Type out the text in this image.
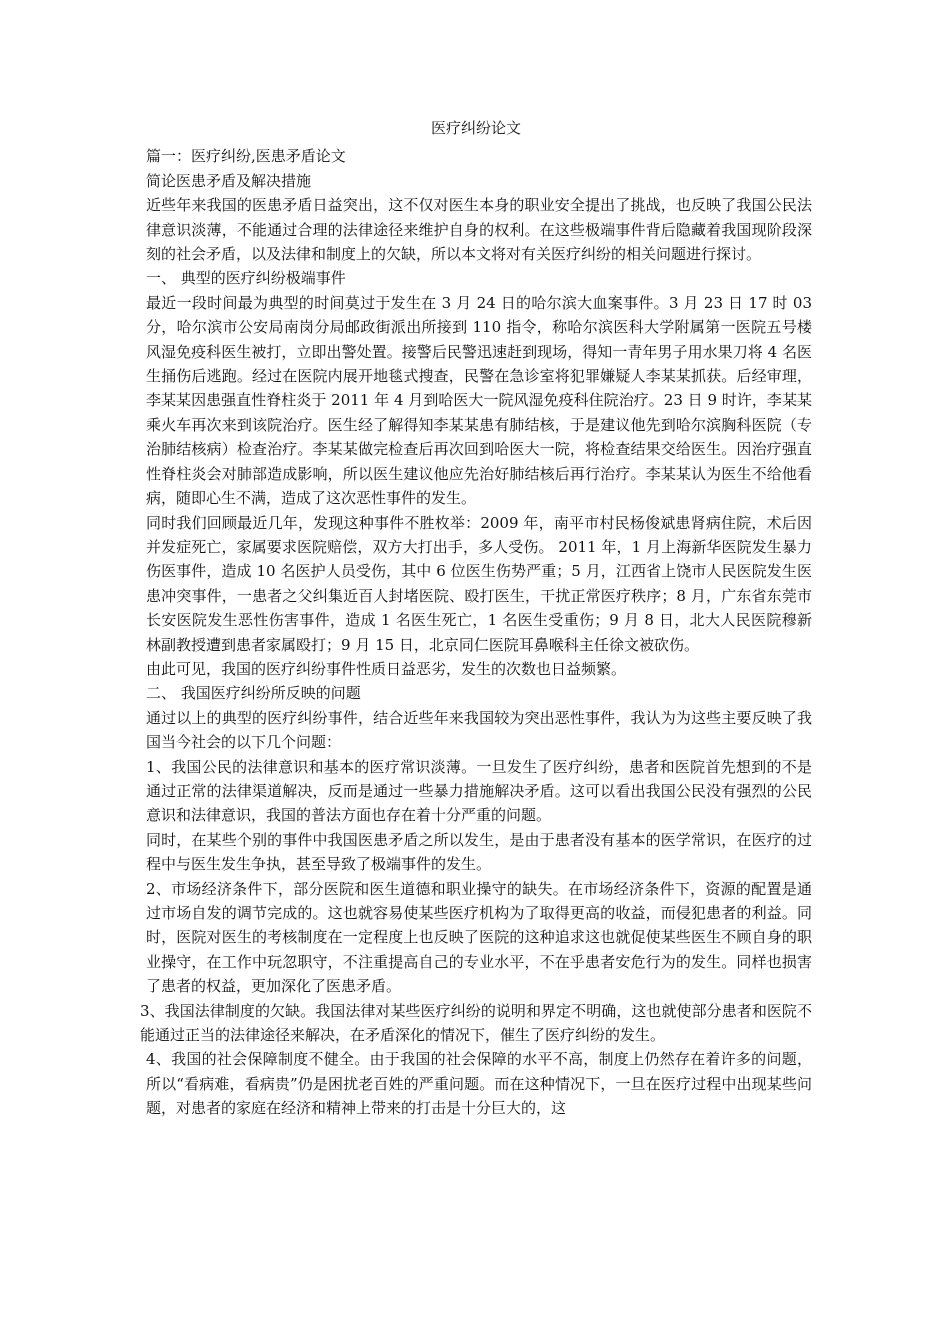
医疗纠纷论文

篇一：医疗纠纷,医患矛盾论文

简论医患矛盾及解决措施

近些年来我国的医患矛盾日益突出，这不仅对医生本身的职业安全提出了挑战，也反映了我国公民法律意识淡薄，不能通过合理的法律途径来维护自身的权利。在这些极端事件背后隐藏着我国现阶段深刻的社会矛盾，以及法律和制度上的欠缺，所以本文将对有关医疗纠纷的相关问题进行探讨。

一、 典型的医疗纠纷极端事件

最近一段时间最为典型的时间莫过于发生在 3 月 24 日的哈尔滨大血案事件。3 月 23 日 17 时 03 分，哈尔滨市公安局南岗分局邮政街派出所接到 110 指令，称哈尔滨医科大学附属第一医院五号楼风湿免疫科医生被打，立即出警处置。接警后民警迅速赶到现场，得知一青年男子用水果刀将 4 名医生捅伤后逃跑。经过在医院内展开地毯式搜查，民警在急诊室将犯罪嫌疑人李某某抓获。后经审理，李某某因患强直性脊柱炎于 2011 年 4 月到哈医大一院风湿免疫科住院治疗。23 日 9 时许，李某某乘火车再次来到该院治疗。医生经了解得知李某某患有肺结核，于是建议他先到哈尔滨胸科医院（专治肺结核病）检查治疗。李某某做完检查后再次回到哈医大一院，将检查结果交给医生。因治疗强直性脊柱炎会对肺部造成影响，所以医生建议他应先治好肺结核后再行治疗。李某某认为医生不给他看病，随即心生不满，造成了这次恶性事件的发生。

同时我们回顾最近几年，发现这种事件不胜枚举：2009 年，南平市村民杨俊斌患肾病住院，术后因并发症死亡，家属要求医院赔偿，双方大打出手，多人受伤。 2011 年，1 月上海新华医院发生暴力伤医事件，造成 10 名医护人员受伤，其中 6 位医生伤势严重；5 月，江西省上饶市人民医院发生医患冲突事件，一患者之父纠集近百人封堵医院、殴打医生，干扰正常医疗秩序；8 月，广东省东莞市长安医院发生恶性伤害事件，造成 1 名医生死亡，1 名医生受重伤；9 月 8 日，北大人民医院穆新林副教授遭到患者家属殴打；9 月 15 日，北京同仁医院耳鼻喉科主任徐文被砍伤。

由此可见，我国的医疗纠纷事件性质日益恶劣，发生的次数也日益频繁。

二、 我国医疗纠纷所反映的问题

通过以上的典型的医疗纠纷事件，结合近些年来我国较为突出恶性事件，我认为为这些主要反映了我国当今社会的以下几个问题：

1、我国公民的法律意识和基本的医疗常识淡薄。一旦发生了医疗纠纷，患者和医院首先想到的不是通过正常的法律渠道解决，反而是通过一些暴力措施解决矛盾。这可以看出我国公民没有强烈的公民意识和法律意识，我国的普法方面也存在着十分严重的问题。

同时，在某些个别的事件中我国医患矛盾之所以发生，是由于患者没有基本的医学常识，在医疗的过程中与医生发生争执，甚至导致了极端事件的发生。

2、市场经济条件下，部分医院和医生道德和职业操守的缺失。在市场经济条件下，资源的配置是通过市场自发的调节完成的。这也就容易使某些医疗机构为了取得更高的收益，而侵犯患者的利益。同时，医院对医生的考核制度在一定程度上也反映了医院的这种追求这也就促使某些医生不顾自身的职业操守，在工作中玩忽职守，不注重提高自己的专业水平，不在乎患者安危行为的发生。同样也损害了患者的权益，更加深化了医患矛盾。

3、我国法律制度的欠缺。我国法律对某些医疗纠纷的说明和界定不明确，这也就使部分患者和医院不能通过正当的法律途径来解决，在矛盾深化的情况下，催生了医疗纠纷的发生。

4、我国的社会保障制度不健全。由于我国的社会保障的水平不高，制度上仍然存在着许多的问题，所以“看病难，看病贵”仍是困扰老百姓的严重问题。而在这种情况下，一旦在医疗过程中出现某些问题，对患者的家庭在经济和精神上带来的打击是十分巨大的，这
